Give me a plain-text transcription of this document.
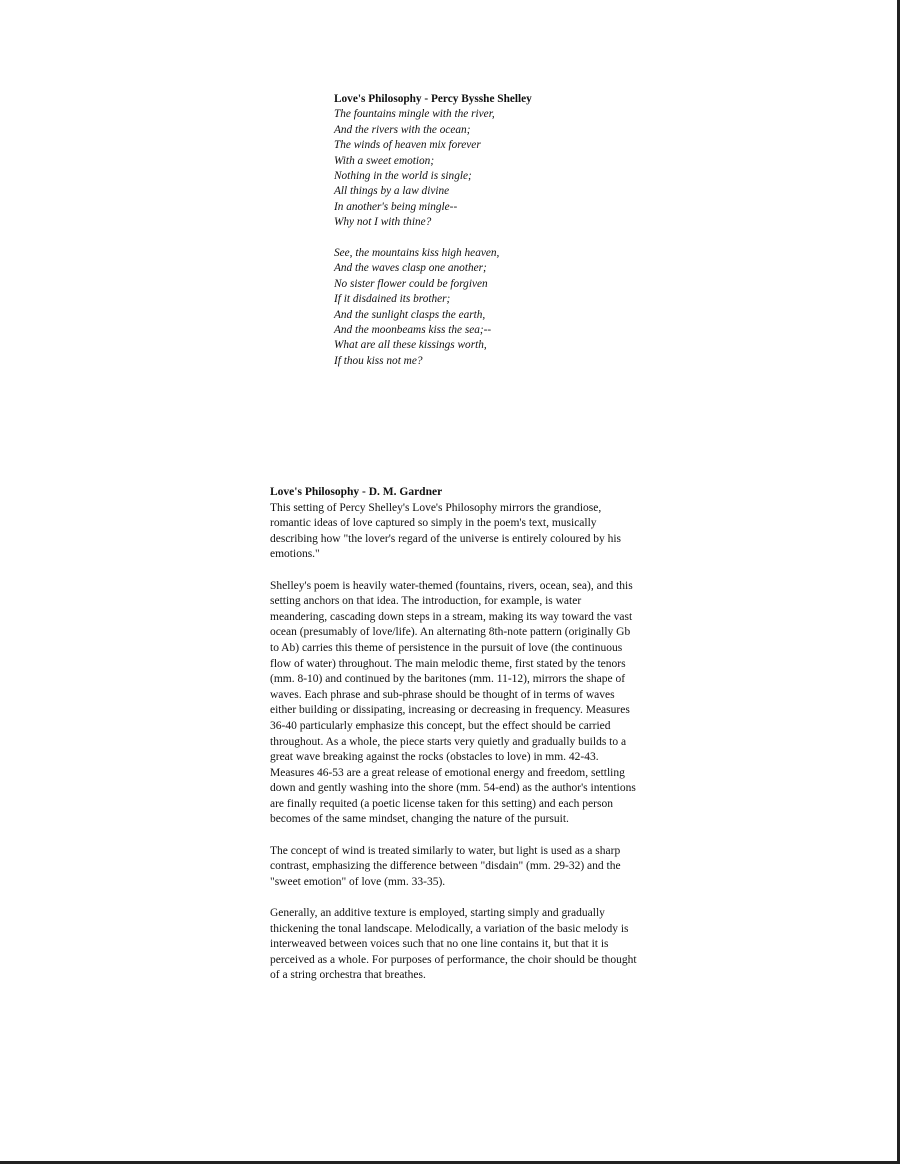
Love's Philosophy - Percy Bysshe Shelley
The fountains mingle with the river,
And the rivers with the ocean;
The winds of heaven mix forever
With a sweet emotion;
Nothing in the world is single;
All things by a law divine
In another's being mingle--
Why not I with thine?
See, the mountains kiss high heaven,
And the waves clasp one another;
No sister flower could be forgiven
If it disdained its brother;
And the sunlight clasps the earth,
And the moonbeams kiss the sea;--
What are all these kissings worth,
If thou kiss not me?
Love's Philosophy - D. M. Gardner

This setting of Percy Shelley's Love's Philosophy mirrors the grandiose, romantic ideas of love captured so simply in the poem's text, musically describing how "the lover's regard of the universe is entirely coloured by his emotions."

Shelley's poem is heavily water-themed (fountains, rivers, ocean, sea), and this setting anchors on that idea. The introduction, for example, is water meandering, cascading down steps in a stream, making its way toward the vast ocean (presumably of love/life). An alternating 8th-note pattern (originally Gb to Ab) carries this theme of persistence in the pursuit of love (the continuous flow of water) throughout. The main melodic theme, first stated by the tenors (mm. 8-10) and continued by the baritones (mm. 11-12), mirrors the shape of waves. Each phrase and sub-phrase should be thought of in terms of waves either building or dissipating, increasing or decreasing in frequency. Measures 36-40 particularly emphasize this concept, but the effect should be carried throughout. As a whole, the piece starts very quietly and gradually builds to a great wave breaking against the rocks (obstacles to love) in mm. 42-43. Measures 46-53 are a great release of emotional energy and freedom, settling down and gently washing into the shore (mm. 54-end) as the author's intentions are finally requited (a poetic license taken for this setting) and each person becomes of the same mindset, changing the nature of the pursuit.

The concept of wind is treated similarly to water, but light is used as a sharp contrast, emphasizing the difference between "disdain" (mm. 29-32) and the "sweet emotion" of love (mm. 33-35).

Generally, an additive texture is employed, starting simply and gradually thickening the tonal landscape. Melodically, a variation of the basic melody is interweaved between voices such that no one line contains it, but that it is perceived as a whole. For purposes of performance, the choir should be thought of a string orchestra that breathes.
